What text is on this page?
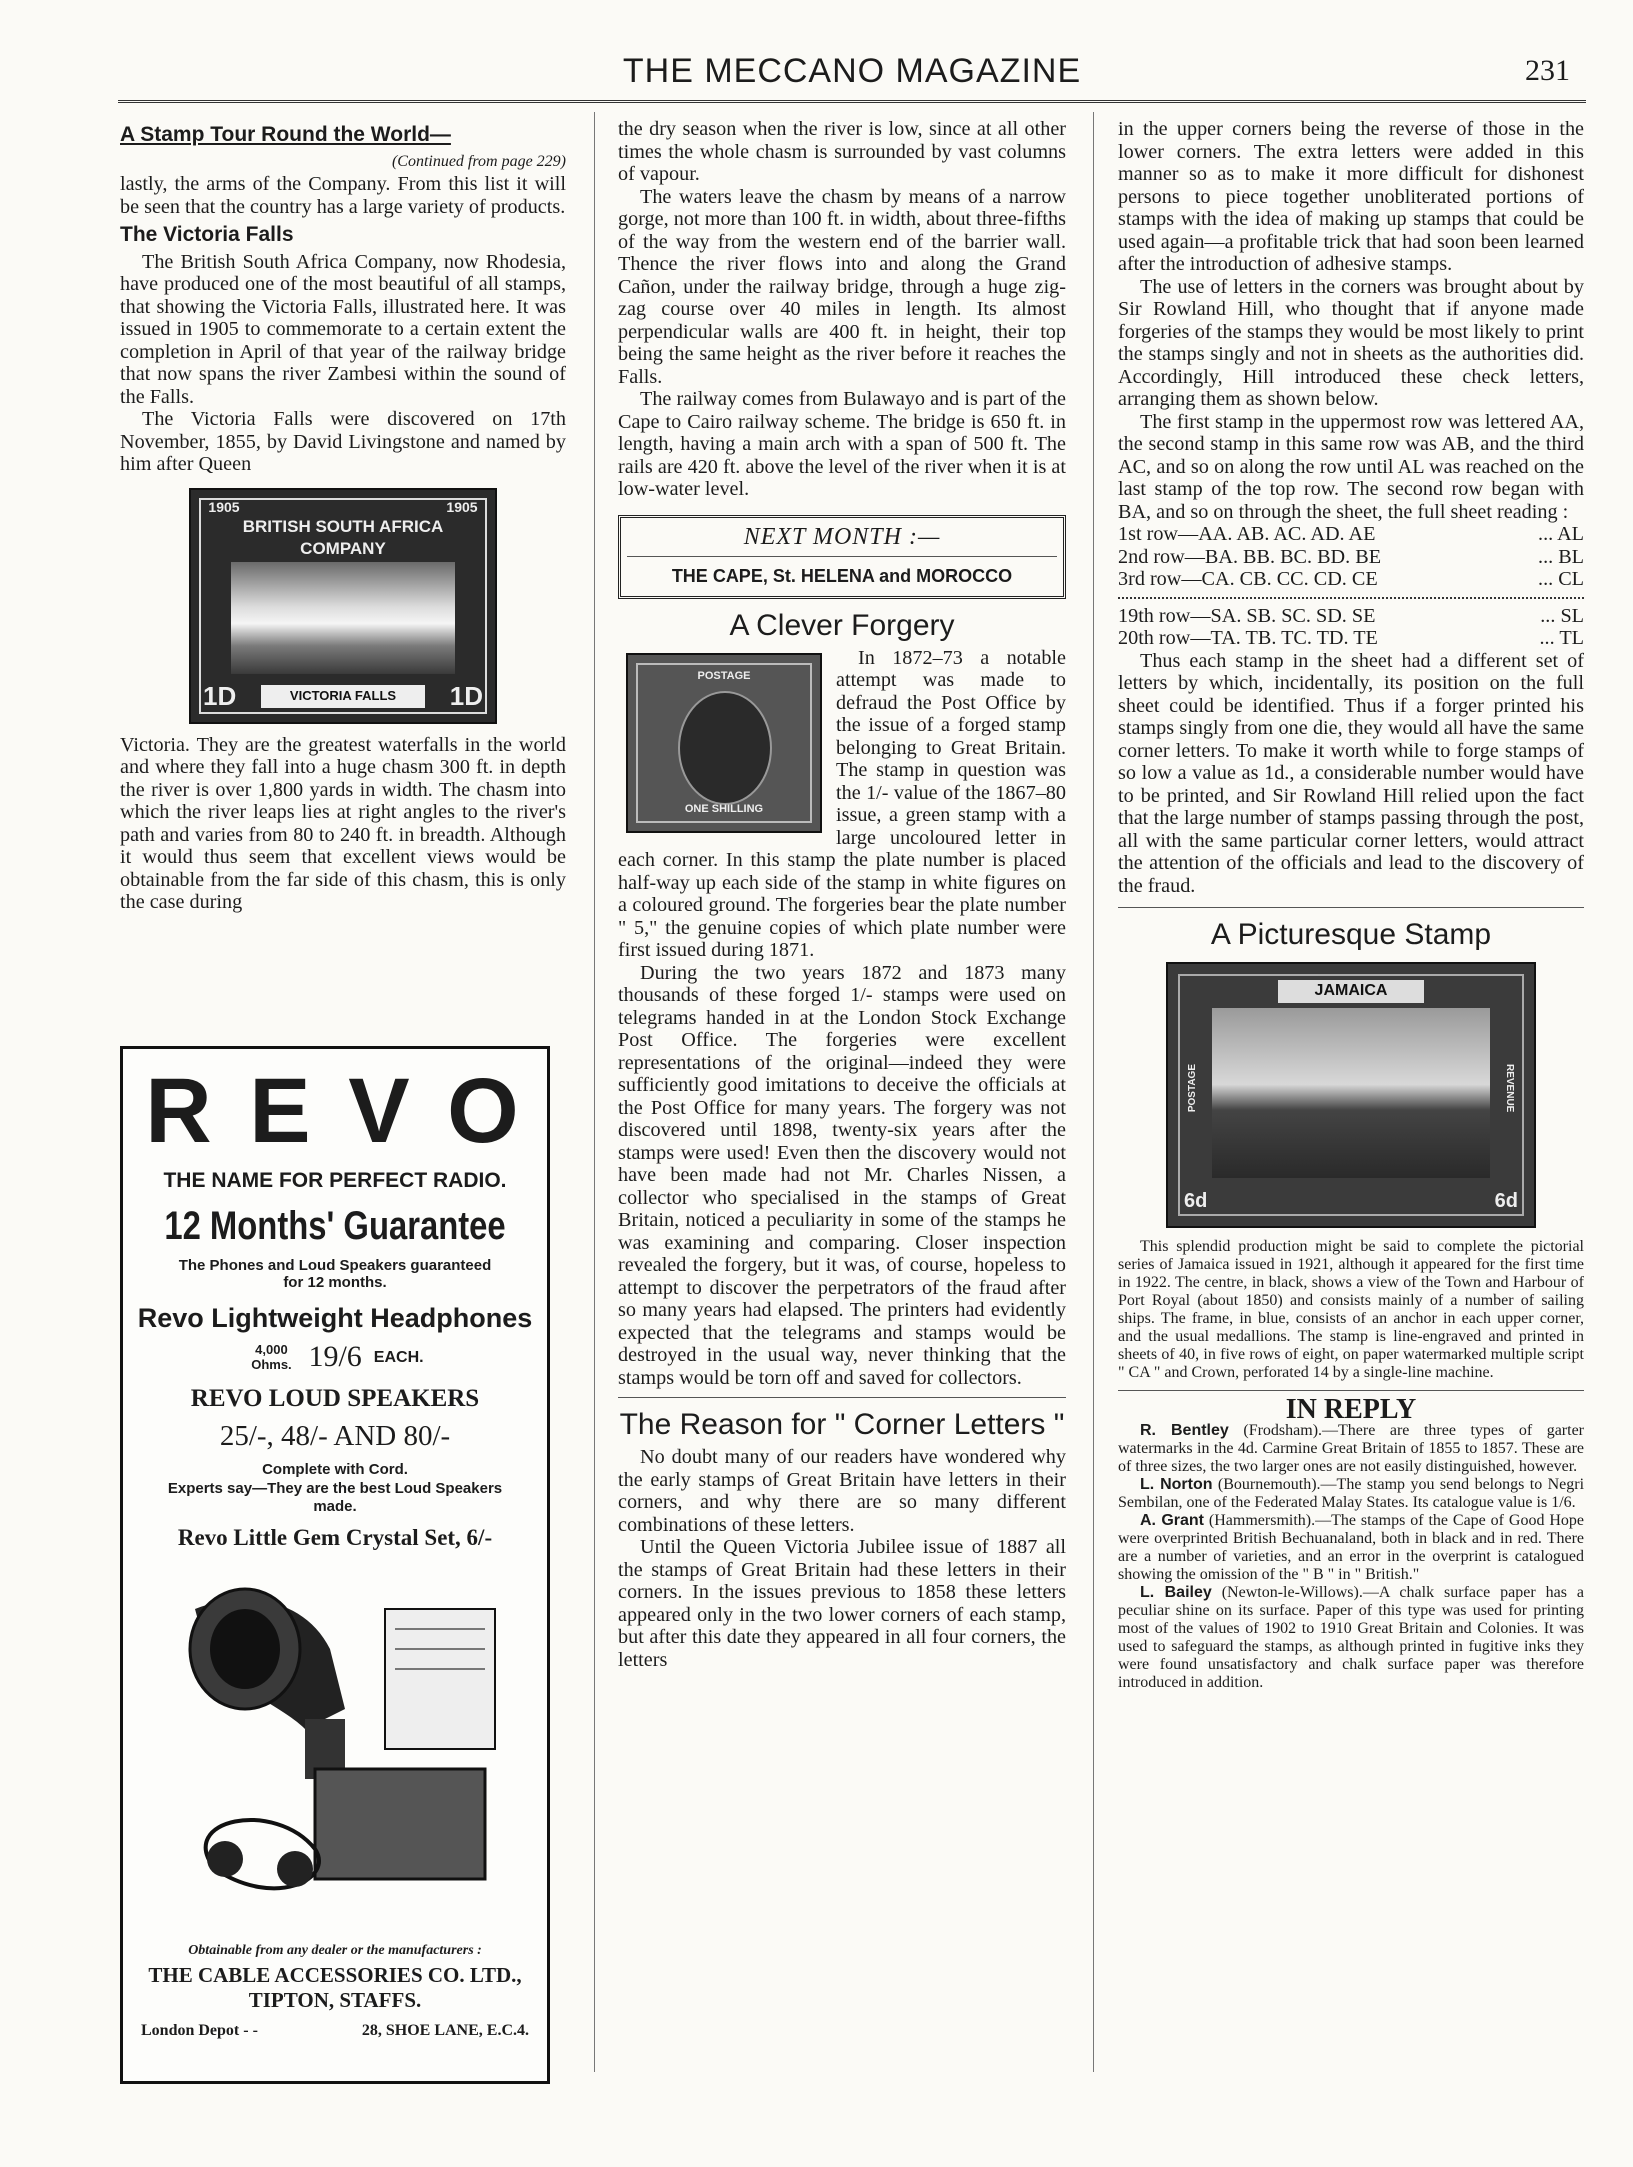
THE MECCANO MAGAZINE	231
A Stamp Tour Round the World—
(Continued from page 229)

lastly, the arms of the Company. From this list it will be seen that the country has a large variety of products.

The Victoria Falls

The British South Africa Company, now Rhodesia, have produced one of the most beautiful of all stamps, that showing the Victoria Falls, illustrated here. It was issued in 1905 to commemorate to a certain extent the completion in April of that year of the railway bridge that now spans the river Zambesi within the sound of the Falls.

The Victoria Falls were discovered on 17th November, 1855, by David Livingstone and named by him after Queen

1905	1905
BRITISH SOUTH AFRICA COMPANY
1D	1D
VICTORIA FALLS

Victoria. They are the greatest waterfalls in the world and where they fall into a huge chasm 300 ft. in depth the river is over 1,800 yards in width. The chasm into which the river leaps lies at right angles to the river's path and varies from 80 to 240 ft. in breadth. Although it would thus seem that excellent views would be obtainable from the far side of this chasm, this is only the case during

R E V O
THE NAME FOR PERFECT RADIO.
12 Months' Guarantee
The Phones and Loud Speakers guaranteed for 12 months.
Revo Lightweight Headphones
4,000 Ohms. 19/6 EACH.
REVO LOUD SPEAKERS
25/-, 48/- AND 80/-
Complete with Cord.
Experts say—They are the best Loud Speakers made.
Revo Little Gem Crystal Set, 6/-
Obtainable from any dealer or the manufacturers :
THE CABLE ACCESSORIES CO. LTD.,
TIPTON, STAFFS.
London Depot - -	28, SHOE LANE, E.C.4.

the dry season when the river is low, since at all other times the whole chasm is surrounded by vast columns of vapour.

The waters leave the chasm by means of a narrow gorge, not more than 100 ft. in width, about three-fifths of the way from the western end of the barrier wall. Thence the river flows into and along the Grand Cañon, under the railway bridge, through a huge zig-zag course over 40 miles in length. Its almost perpendicular walls are 400 ft. in height, their top being the same height as the river before it reaches the Falls.

The railway comes from Bulawayo and is part of the Cape to Cairo railway scheme. The bridge is 650 ft. in length, having a main arch with a span of 500 ft. The rails are 420 ft. above the level of the river when it is at low-water level.

NEXT MONTH :—
THE CAPE, St. HELENA and MOROCCO
A Clever Forgery
POSTAGE
ONE SHILLING

In 1872–73 a notable attempt was made to defraud the Post Office by the issue of a forged stamp belonging to Great Britain. The stamp in question was the 1/- value of the 1867–80 issue, a green stamp with a large uncoloured letter in each corner. In this stamp the plate number is placed half-way up each side of the stamp in white figures on a coloured ground. The forgeries bear the plate number " 5," the genuine copies of which plate number were first issued during 1871.

During the two years 1872 and 1873 many thousands of these forged 1/- stamps were used on telegrams handed in at the London Stock Exchange Post Office. The forgeries were excellent representations of the original—indeed they were sufficiently good imitations to deceive the officials at the Post Office for many years. The forgery was not discovered until 1898, twenty-six years after the stamps were used! Even then the discovery would not have been made had not Mr. Charles Nissen, a collector who specialised in the stamps of Great Britain, noticed a peculiarity in some of the stamps he was examining and comparing. Closer inspection revealed the forgery, but it was, of course, hopeless to attempt to discover the perpetrators of the fraud after so many years had elapsed. The printers had evidently expected that the telegrams and stamps would be destroyed in the usual way, never thinking that the stamps would be torn off and saved for collectors.

The Reason for " Corner Letters "

No doubt many of our readers have wondered why the early stamps of Great Britain have letters in their corners, and why there are so many different combinations of these letters.

Until the Queen Victoria Jubilee issue of 1887 all the stamps of Great Britain had these letters in their corners. In the issues previous to 1858 these letters appeared only in the two lower corners of each stamp, but after this date they appeared in all four corners, the letters

in the upper corners being the reverse of those in the lower corners. The extra letters were added in this manner so as to make it more difficult for dishonest persons to piece together unobliterated portions of stamps with the idea of making up stamps that could be used again—a profitable trick that had soon been learned after the introduction of adhesive stamps.

The use of letters in the corners was brought about by Sir Rowland Hill, who thought that if anyone made forgeries of the stamps they would be most likely to print the stamps singly and not in sheets as the authorities did. Accordingly, Hill introduced these check letters, arranging them as shown below.

The first stamp in the uppermost row was lettered AA, the second stamp in this same row was AB, and the third AC, and so on along the row until AL was reached on the last stamp of the top row. The second row began with BA, and so on through the sheet, the full sheet reading :

1st row—AA. AB. AC. AD. AE	... AL
2nd row—BA. BB. BC. BD. BE	... BL
3rd row—CA. CB. CC. CD. CE	... CL
19th row—SA. SB. SC. SD. SE	... SL
20th row—TA. TB. TC. TD. TE	... TL

Thus each stamp in the sheet had a different set of letters by which, incidentally, its position on the full sheet could be identified. Thus if a forger printed his stamps singly from one die, they would all have the same corner letters. To make it worth while to forge stamps of so low a value as 1d., a considerable number would have to be printed, and Sir Rowland Hill relied upon the fact that the large number of stamps passing through the post, all with the same particular corner letters, would attract the attention of the officials and lead to the discovery of the fraud.

A Picturesque Stamp
JAMAICA
POSTAGE	REVENUE
6d	6d

This splendid production might be said to complete the pictorial series of Jamaica issued in 1921, although it appeared for the first time in 1922. The centre, in black, shows a view of the Town and Harbour of Port Royal (about 1850) and consists mainly of a number of sailing ships. The frame, in blue, consists of an anchor in each upper corner, and the usual medallions. The stamp is line-engraved and printed in sheets of 40, in five rows of eight, on paper watermarked multiple script " CA " and Crown, perforated 14 by a single-line machine.

IN REPLY

R. Bentley (Frodsham).—There are three types of garter watermarks in the 4d. Carmine Great Britain of 1855 to 1857. These are of three sizes, the two larger ones are not easily distinguished, however.

L. Norton (Bournemouth).—The stamp you send belongs to Negri Sembilan, one of the Federated Malay States. Its catalogue value is 1/6.

A. Grant (Hammersmith).—The stamps of the Cape of Good Hope were overprinted British Bechuanaland, both in black and in red. There are a number of varieties, and an error in the overprint is catalogued showing the omission of the " B " in " British."

L. Bailey (Newton-le-Willows).—A chalk surface paper has a peculiar shine on its surface. Paper of this type was used for printing most of the values of 1902 to 1910 Great Britain and Colonies. It was used to safeguard the stamps, as although printed in fugitive inks they were found unsatisfactory and chalk surface paper was therefore introduced in addition.
